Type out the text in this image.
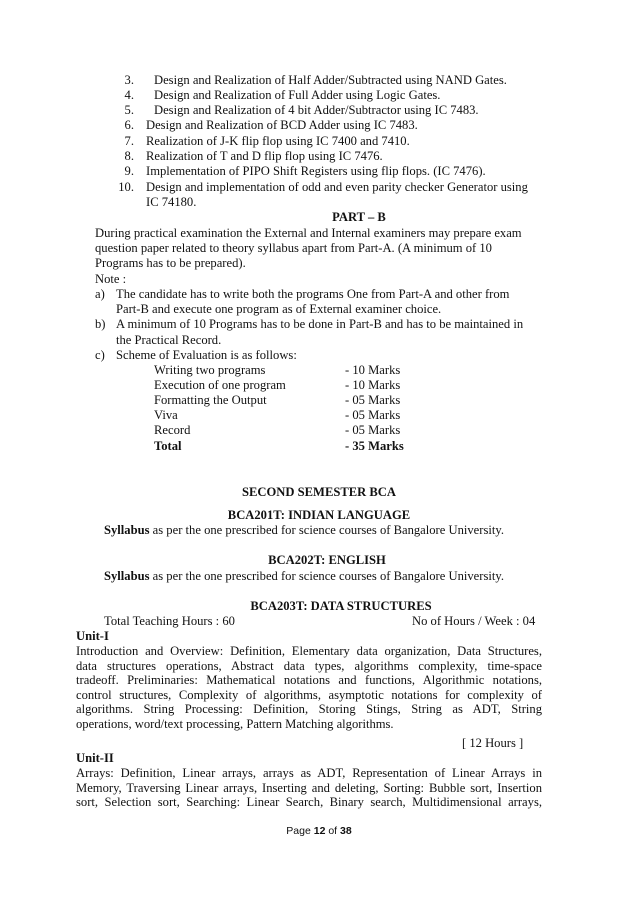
3. Design and Realization of Half Adder/Subtracted using NAND Gates.
4. Design and Realization of Full Adder using Logic Gates.
5. Design and Realization of 4 bit Adder/Subtractor using IC 7483.
6. Design and Realization of BCD Adder using IC 7483.
7. Realization of J-K flip flop using IC 7400 and 7410.
8. Realization of T and D flip flop using IC 7476.
9. Implementation of PIPO Shift Registers using flip flops. (IC 7476).
10. Design and implementation of odd and even parity checker Generator using
IC 74180.
PART – B
During practical examination the External and Internal examiners may prepare exam
question paper related to theory syllabus apart from Part-A. (A minimum of 10
Programs has to be prepared).
Note :
a) The candidate has to write both the programs One from Part-A and other from
Part-B and execute one program as of External examiner choice.
b) A minimum of 10 Programs has to be done in Part-B and has to be maintained in
the Practical Record.
c) Scheme of Evaluation is as follows:
Writing two programs	- 10 Marks
Execution of one program	- 10 Marks
Formatting the Output	- 05 Marks
Viva	- 05 Marks
Record	- 05 Marks
Total	- 35 Marks
SECOND SEMESTER BCA
BCA201T: INDIAN LANGUAGE
Syllabus as per the one prescribed for science courses of Bangalore University.
BCA202T: ENGLISH
Syllabus as per the one prescribed for science courses of Bangalore University.
BCA203T: DATA STRUCTURES
Total Teaching Hours : 60	No of Hours / Week : 04
Unit-I
Introduction and Overview: Definition, Elementary data organization, Data Structures,
data structures operations, Abstract data types, algorithms complexity, time-space
tradeoff. Preliminaries: Mathematical notations and functions, Algorithmic notations,
control structures, Complexity of algorithms, asymptotic notations for complexity of
algorithms. String Processing: Definition, Storing Stings, String as ADT, String
operations, word/text processing, Pattern Matching algorithms.
[ 12 Hours ]
Unit-II
Arrays: Definition, Linear arrays, arrays as ADT, Representation of Linear Arrays in
Memory, Traversing Linear arrays, Inserting and deleting, Sorting: Bubble sort, Insertion
sort, Selection sort, Searching: Linear Search, Binary search, Multidimensional arrays,
Page 12 of 38
